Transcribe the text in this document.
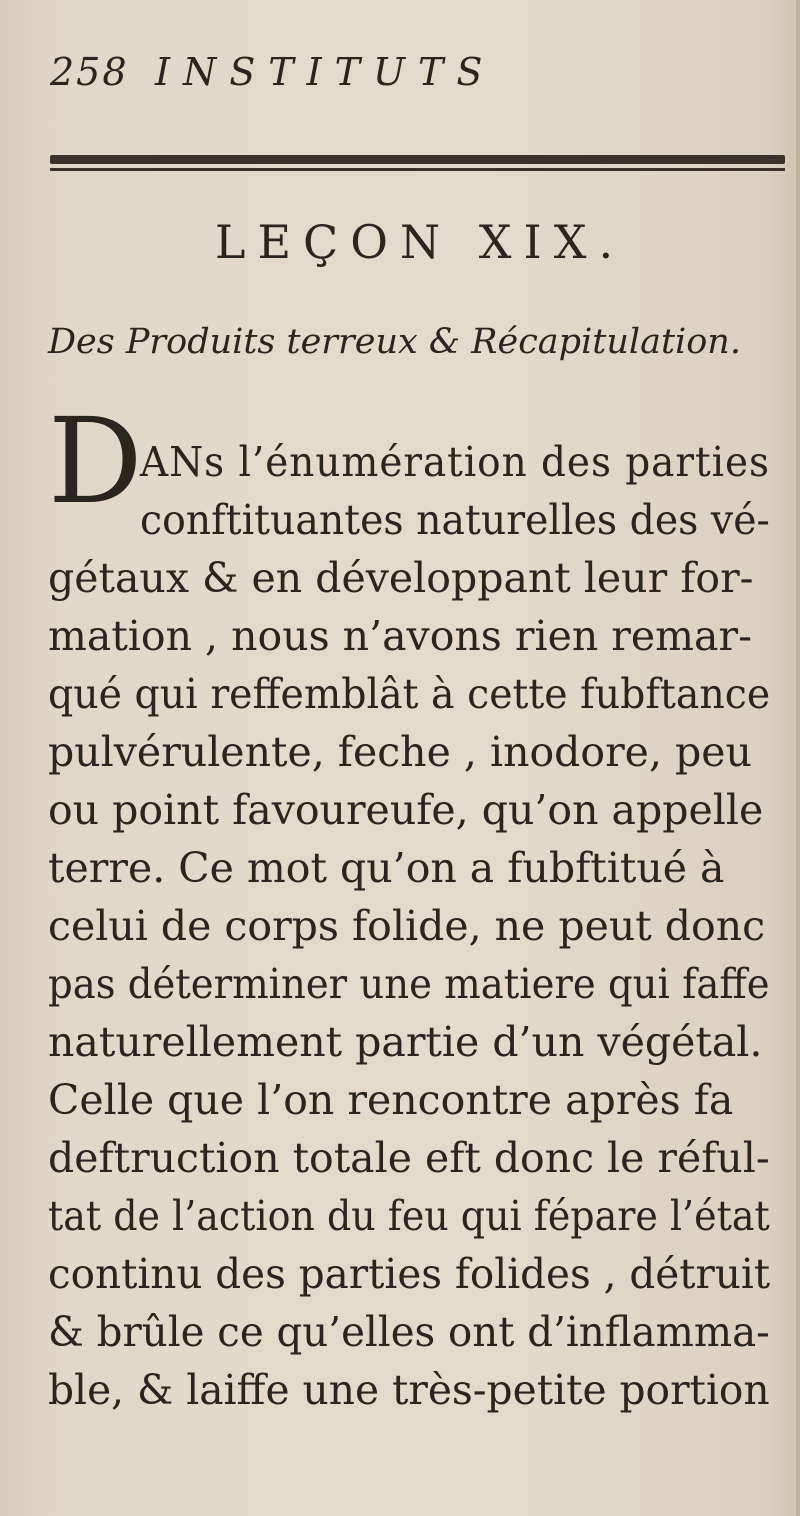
258 INSTITUTS
LEÇON XIX.
Des Produits terreux & Récapitulation.
D
ANs l’énumération des parties
conftituantes naturelles des vé-
gétaux & en développant leur for-
mation , nous n’avons rien remar-
qué qui reffemblât à cette fubftance
pulvérulente, feche , inodore, peu
ou point favoureufe, qu’on appelle
terre. Ce mot qu’on a fubftitué à
celui de corps folide, ne peut donc
pas déterminer une matiere qui faffe
naturellement partie d’un végétal.
Celle que l’on rencontre après fa
deftruction totale eft donc le réful-
tat de l’action du feu qui fépare l’état
continu des parties folides , détruit
& brûle ce qu’elles ont d’inflamma-
ble, & laiffe une très-petite portion
